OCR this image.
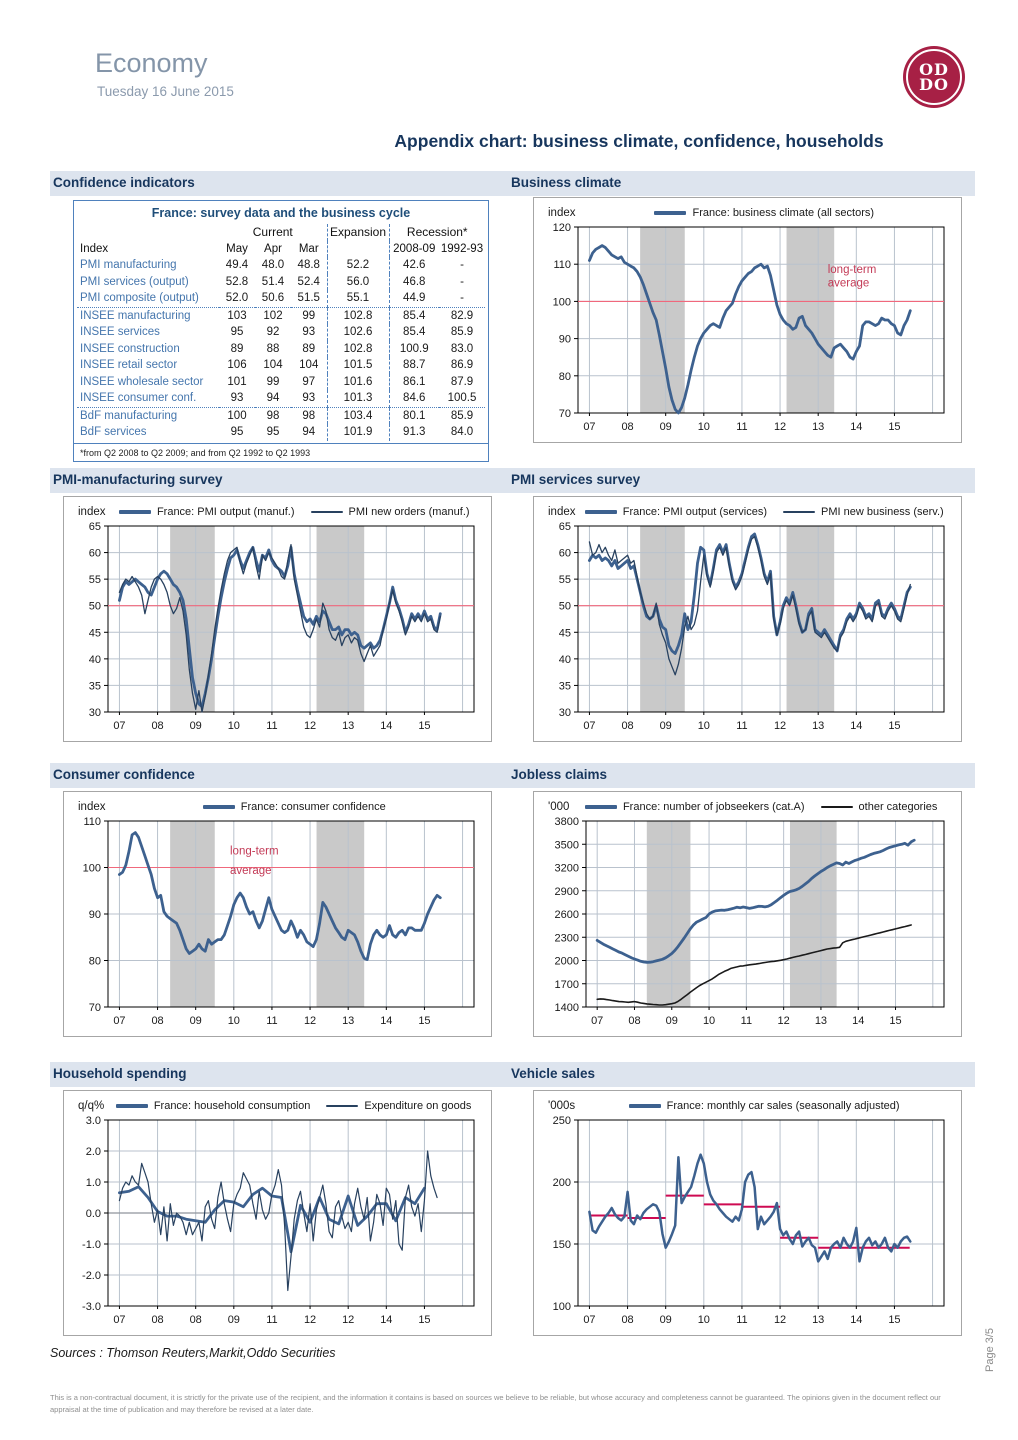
Economy
Tuesday 16 June 2015
OD
DO
Appendix chart: business climate, confidence, households
Confidence indicators	Business climate
PMI-manufacturing survey	PMI services survey
Consumer confidence	Jobless claims
Household spending	Vehicle sales
France: survey data and the business cycle
	Current			Expansion	Recession*	
Index	May	Apr	Mar		2008-09	1992-93
PMI manufacturing	49.4	48.0	48.8	52.2	42.6	-
PMI services (output)	52.8	51.4	52.4	56.0	46.8	-
PMI composite (output)	52.0	50.6	51.5	55.1	44.9	-
INSEE manufacturing	103	102	99	102.8	85.4	82.9
INSEE services	95	92	93	102.6	85.4	85.9
INSEE construction	89	88	89	102.8	100.9	83.0
INSEE retail sector	106	104	104	101.5	88.7	86.9
INSEE wholesale sector	101	99	97	101.6	86.1	87.9
INSEE consumer conf.	93	94	93	101.3	84.6	100.5
BdF manufacturing	100	98	98	103.4	80.1	85.9
BdF services	95	95	94	101.9	91.3	84.0
*from Q2 2008 to Q2 2009; and from Q2 1992 to Q2 1993
index	France: business climate (all sectors)
70
80
90
100
110
120
07 08 09 10 11 12 13 14 15
long-term
average
index	France: PMI output (manuf.)	PMI new orders (manuf.)
30
35
40
45
50
55
60
65
07 08 09 10 11 12 13 14 15
index	France: PMI output (services)	PMI new business (serv.)
30
35
40
45
50
55
60
65
07 08 09 10 11 12 13 14 15
index	France: consumer confidence
70
80
90
100
110
07 08 09 10 11 12 13 14 15
long-term
average
'000	France: number of jobseekers (cat.A)	other categories
1400
1700
2000
2300
2600
2900
3200
3500
3800
07 08 09 10 11 12 13 14 15
q/q%	France: household consumption	Expenditure on goods
-3.0
-2.0
-1.0
0.0
1.0
2.0
3.0
07 08 08 09 11 12 12 14 15
'000s	France: monthly car sales (seasonally adjusted)
100
150
200
250
07 08 09 10 11 12 13 14 15
Sources : Thomson Reuters,Markit,Oddo Securities
This is a non-contractual document, it is strictly for the private use of the recipient, and the information it contains is based on sources we believe to be reliable, but whose accuracy and completeness cannot be guaranteed. The opinions given in the document reflect our appraisal at the time of publication and may therefore be revised at a later date.
Page 3/5
